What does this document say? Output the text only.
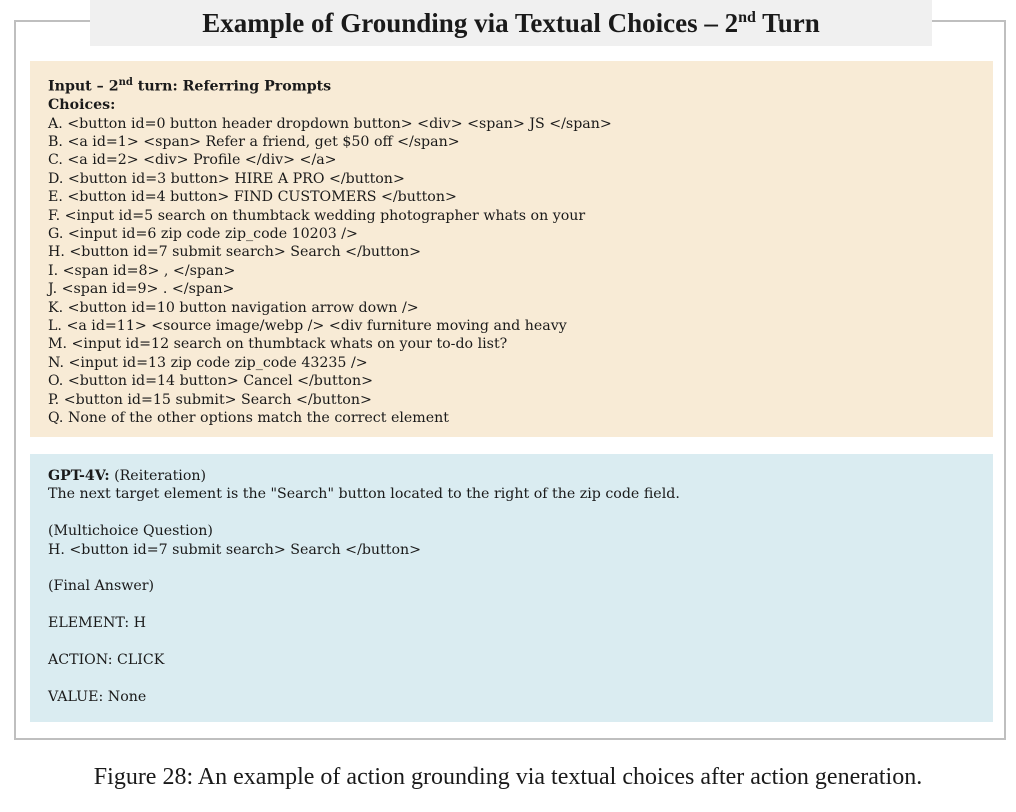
Example of Grounding via Textual Choices – 2nd Turn
Input – 2nd turn: Referring Prompts
Choices:
A. <button id=0 button header dropdown button> <div> <span> JS </span>
B. <a id=1> <span> Refer a friend, get $50 off </span>
C. <a id=2> <div> Profile </div> </a>
D. <button id=3 button> HIRE A PRO </button>
E. <button id=4 button> FIND CUSTOMERS </button>
F. <input id=5 search on thumbtack wedding photographer whats on your
G. <input id=6 zip code zip_code 10203 />
H. <button id=7 submit search> Search </button>
I. <span id=8> , </span>
J. <span id=9> . </span>
K. <button id=10 button navigation arrow down />
L. <a id=11> <source image/webp /> <div furniture moving and heavy
M. <input id=12 search on thumbtack whats on your to-do list?
N. <input id=13 zip code zip_code 43235 />
O. <button id=14 button> Cancel </button>
P. <button id=15 submit> Search </button>
Q. None of the other options match the correct element
GPT-4V: (Reiteration)
The next target element is the "Search" button located to the right of the zip code field.
(Multichoice Question)
H. <button id=7 submit search> Search </button>
(Final Answer)
ELEMENT: H
ACTION: CLICK
VALUE: None
Figure 28: An example of action grounding via textual choices after action generation.
